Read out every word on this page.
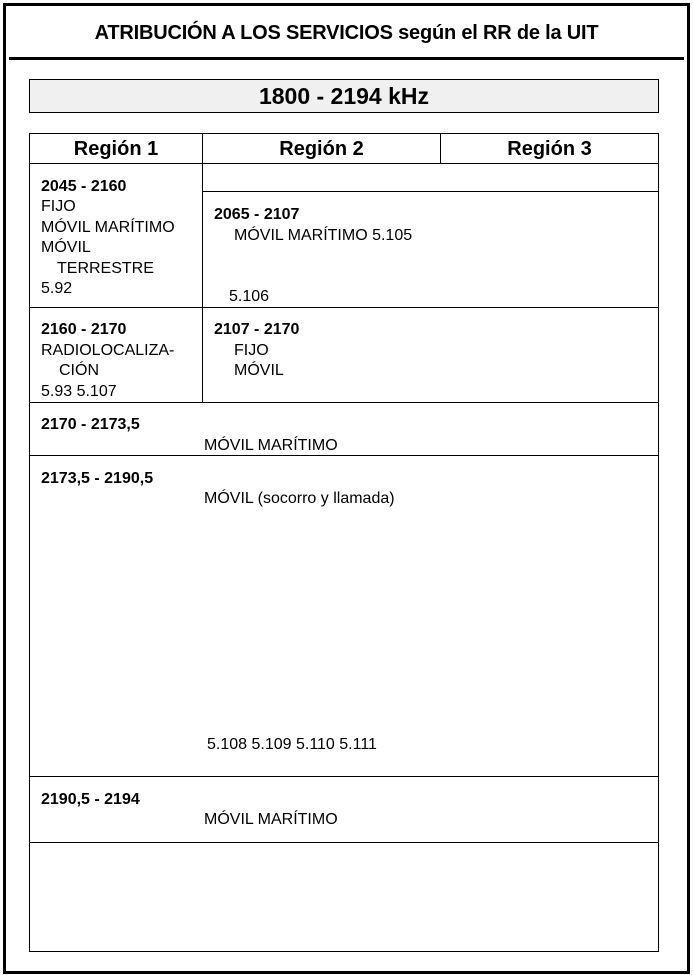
ATRIBUCIÓN A LOS SERVICIOS según el RR de la UIT
1800 - 2194 kHz
Región 1	Región 2	Región 3
2045 - 2160
FIJO
MÓVIL MARÍTIMO
MÓVIL
TERRESTRE
5.92
2065 - 2107
MÓVIL MARÍTIMO 5.105
5.106
2160 - 2170
RADIOLOCALIZA-
CIÓN
5.93 5.107
2107 - 2170
FIJO
MÓVIL
2170 - 2173,5
MÓVIL MARÍTIMO
2173,5 - 2190,5
MÓVIL (socorro y llamada)
5.108 5.109 5.110 5.111
2190,5 - 2194
MÓVIL MARÍTIMO
